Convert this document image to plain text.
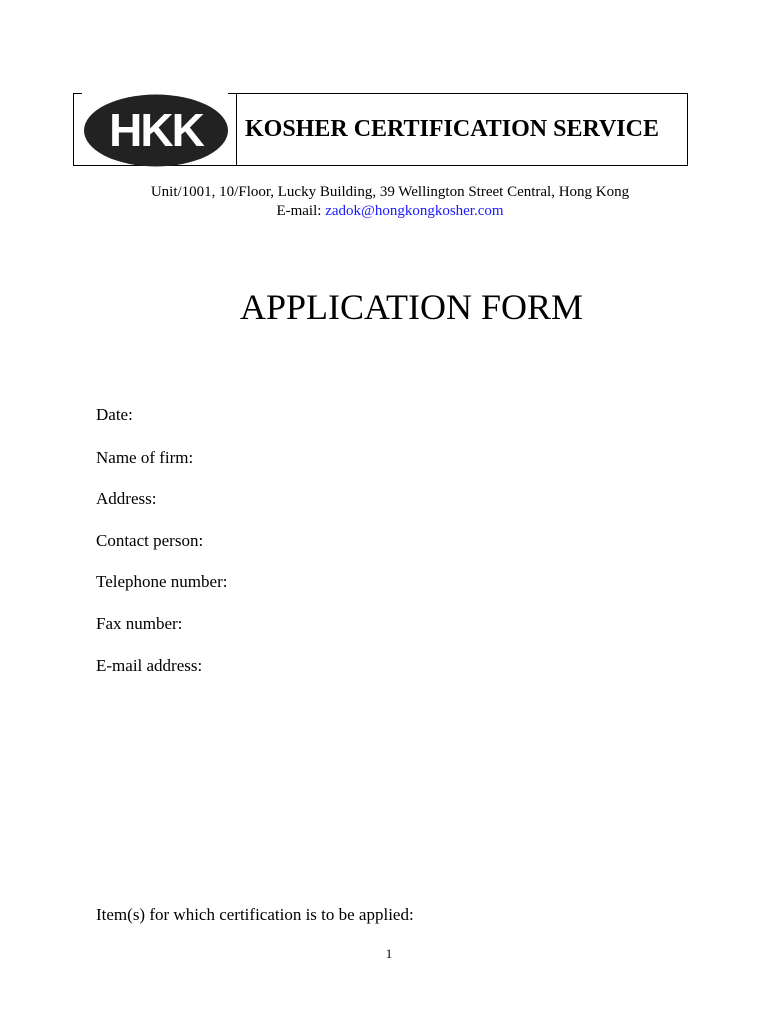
HKK KOSHER CERTIFICATION SERVICE
Unit/1001, 10/Floor, Lucky Building, 39 Wellington Street Central, Hong Kong
E-mail: zadok@hongkongkosher.com
APPLICATION FORM
Date:
Name of firm:
Address:
Contact person:
Telephone number:
Fax number:
E-mail address:
Item(s) for which certification is to be applied:
1
